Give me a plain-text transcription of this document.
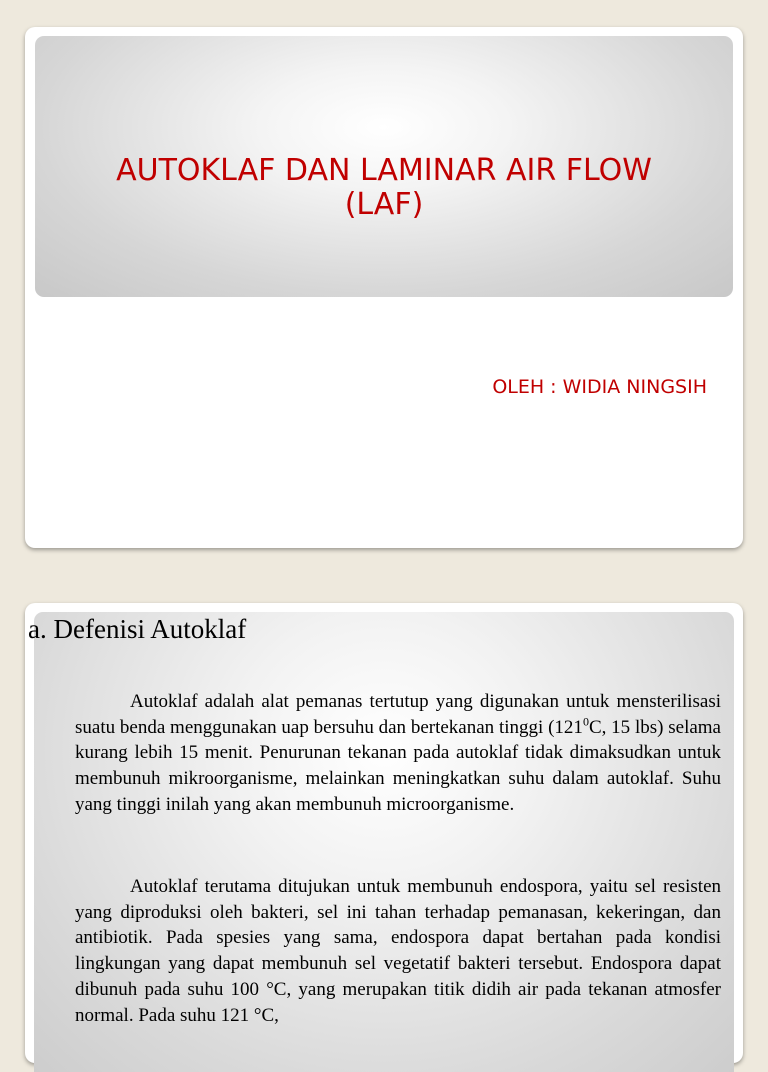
AUTOKLAF DAN LAMINAR AIR FLOW
(LAF)
OLEH : WIDIA NINGSIH
a. Defenisi Autoklaf

Autoklaf adalah alat pemanas tertutup yang digunakan untuk mensterilisasi suatu benda menggunakan uap bersuhu dan bertekanan tinggi ($121^0C$, 15 lbs) selama kurang lebih 15 menit. Penurunan tekanan pada autoklaf tidak dimaksudkan untuk membunuh mikroorganisme, melainkan meningkatkan suhu dalam autoklaf. Suhu yang tinggi inilah yang akan membunuh microorganisme.

Autoklaf terutama ditujukan untuk membunuh endospora, yaitu sel resisten yang diproduksi oleh bakteri, sel ini tahan terhadap pemanasan, kekeringan, dan antibiotik. Pada spesies yang sama, endospora dapat bertahan pada kondisi lingkungan yang dapat membunuh sel vegetatif bakteri tersebut. Endospora dapat dibunuh pada suhu 100 °C, yang merupakan titik didih air pada tekanan atmosfer normal. Pada suhu 121 °C,
